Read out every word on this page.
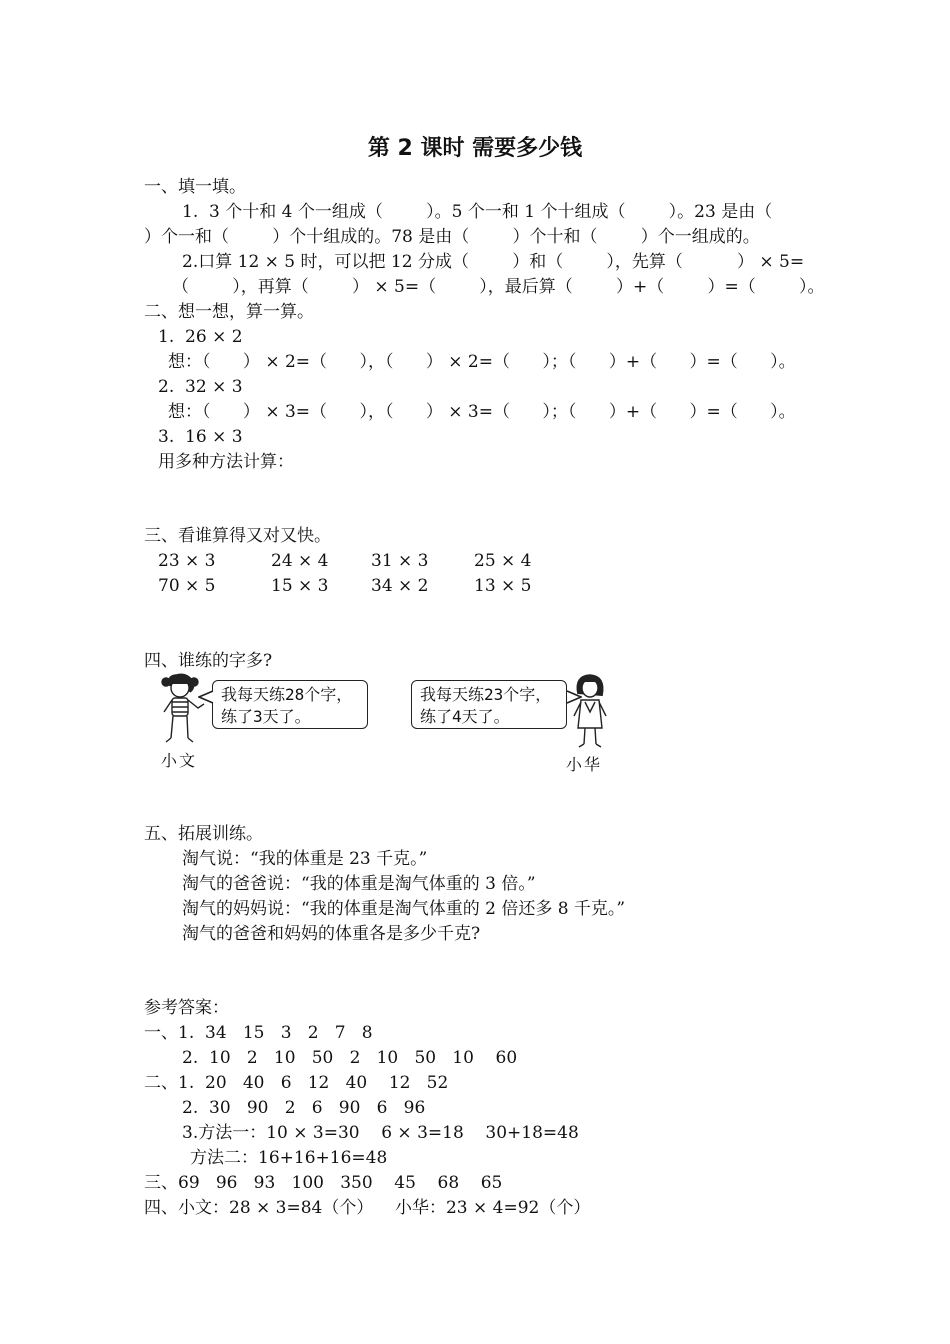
第 2 课时 需要多少钱
一、填一填。
1.  3 个十和 4 个一组成（        ）。5 个一和 1 个十组成（        ）。23 是由（
）个一和（        ）个十组成的。78 是由（        ）个十和（        ）个一组成的。
2.口算 12 × 5 时，可以把 12 分成（        ）和（        ），先算（          ） × 5=
（        ），再算（        ） × 5=（        ），最后算（        ）+（        ）=（        ）。
二、想一想，算一算。
1.  26 × 2
想：（      ） × 2=（      ），（      ） × 2=（      ）；（      ）+（      ）=（      ）。
2.  32 × 3
想：（      ） × 3=（      ），（      ） × 3=（      ）；（      ）+（      ）=（      ）。
3.  16 × 3
用多种方法计算：
三、看谁算得又对又快。
23 × 3	24 × 4	31 × 3	25 × 4
70 × 5	15 × 3	34 × 2	13 × 5
四、谁练的字多?
我每天练28个字，
练了3天了。
小文
我每天练23个字，
练了4天了。
小华
五、拓展训练。
淘气说：“我的体重是 23 千克。”
淘气的爸爸说：“我的体重是淘气体重的 3 倍。”
淘气的妈妈说：“我的体重是淘气体重的 2 倍还多 8 千克。”
淘气的爸爸和妈妈的体重各是多少千克?
参考答案：
一、1.  34   15   3   2   7   8
2.  10   2   10   50   2   10   50   10    60
二、1.  20   40   6   12   40    12   52
2.  30   90   2   6   90   6   96
3.方法一：10 × 3=30    6 × 3=18    30+18=48
方法二：16+16+16=48
三、69   96   93   100   350    45    68    65
四、小文：28 × 3=84（个）    小华：23 × 4=92（个）
